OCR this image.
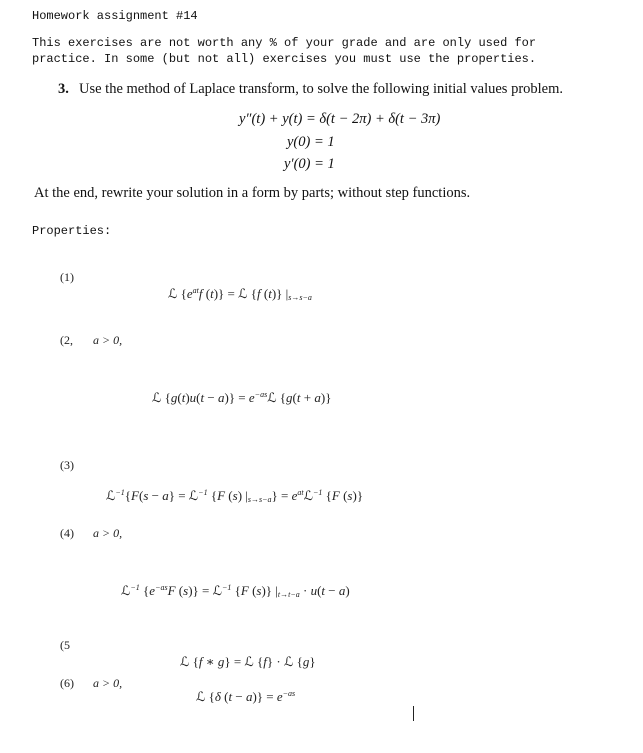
Homework assignment #14
This exercises are not worth any % of your grade and are only used for
practice. In some (but not all) exercises you must use the properties.
3. Use the method of Laplace transform, to solve the following initial values problem.
y″(t) + y(t) = δ(t − 2π) + δ(t − 3π)
y(0) = 1
y′(0) = 1
At the end, rewrite your solution in a form by parts; without step functions.
Properties:
(1)
ℒ {$e^{at}f$ (t)} = ℒ {f (t)} $|_{s\to s-a}$
(2, a > 0,
ℒ $\{g(t)u(t - a)\} = e^{-as}ℒ$ {g(t + a)}
(3)
ℒ$^{-1}${F(s − a} = ℒ$^{-1}$ {F (s) $|_{s\to s-a}$} = $e^{at}ℒ^{-1}$ {F (s)}
(4) a > 0,
ℒ$^{-1}$ {$e^{-as}F$ (s)} = ℒ$^{-1}$ {F (s)} $|_{t\to t-a} \cdot u(t - a)$
(5
ℒ {f ∗ g} = ℒ {f} · ℒ {g}
(6) a > 0,
ℒ {δ $(t - a)\} = e^{-as}$
